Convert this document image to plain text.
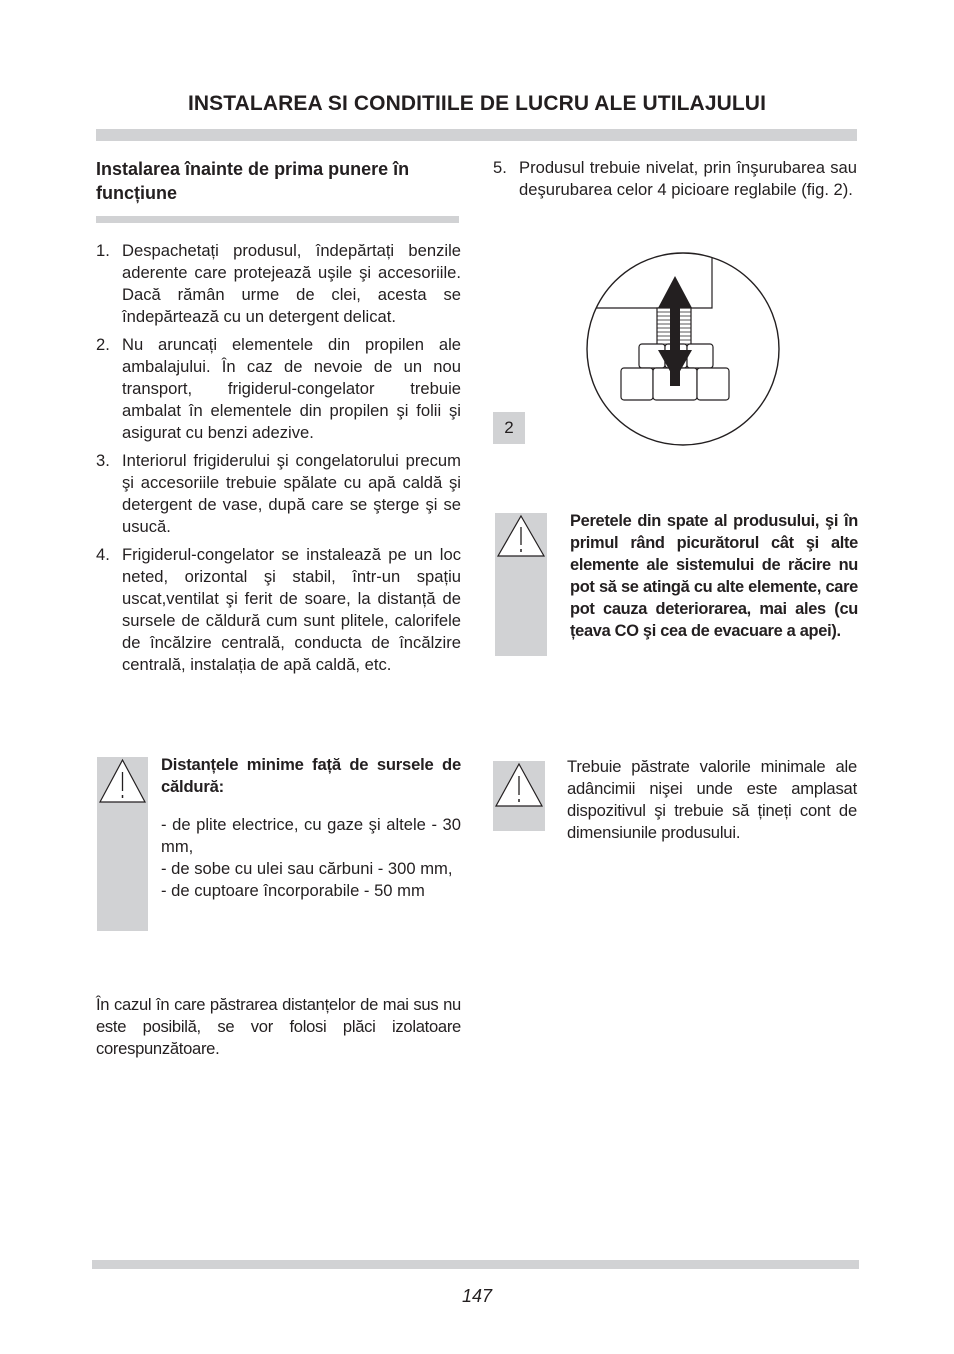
INSTALAREA SI CONDITIILE DE LUCRU ALE UTILAJULUI
Instalarea înainte de prima punere în funcțiune
1. Despachetați produsul, îndepărtați benzile aderente care protejează uşile şi accesoriile. Dacă rămân urme de clei, acesta se îndepărtează cu un detergent delicat.
2. Nu aruncați elementele din propilen ale ambalajului. În caz de nevoie de un nou transport, frigiderul-congelator trebuie ambalat în elementele din propilen şi folii şi asigurat cu benzi adezive.
3. Interiorul frigiderului şi congelatorului precum şi accesoriile trebuie spălate cu apă caldă şi detergent de vase, după care se şterge şi se usucă.
4. Frigiderul-congelator se instalează pe un loc neted, orizontal şi stabil, într-un spațiu uscat,ventilat şi ferit de soare, la distanță de sursele de căldură cum sunt plitele, calorifele de încălzire centrală, conducta de încălzire centrală, instalația de apă caldă, etc.
5. Produsul trebuie nivelat, prin înşurubarea sau deşurubarea celor 4 picioare reglabile (fig. 2).
2
Peretele din spate al produsului, şi în primul rând picurătorul cât şi alte elemente ale sistemului de răcire nu pot să se atingă cu alte elemente, care pot cauza deteriorarea, mai ales (cu țeava CO şi cea de evacuare a apei).
Distanțele minime față de sursele de căldură:
- de plite electrice, cu gaze şi altele - 30 mm,
- de sobe cu ulei sau cărbuni - 300 mm,
- de cuptoare încorporabile - 50 mm
Trebuie păstrate valorile minimale ale adâncimii nişei unde este amplasat dispozitivul şi trebuie să țineți cont de dimensiunile produsului.
În cazul în care păstrarea distanțelor de mai sus nu este posibilă, se vor folosi plăci izolatoare corespunzătoare.
147
